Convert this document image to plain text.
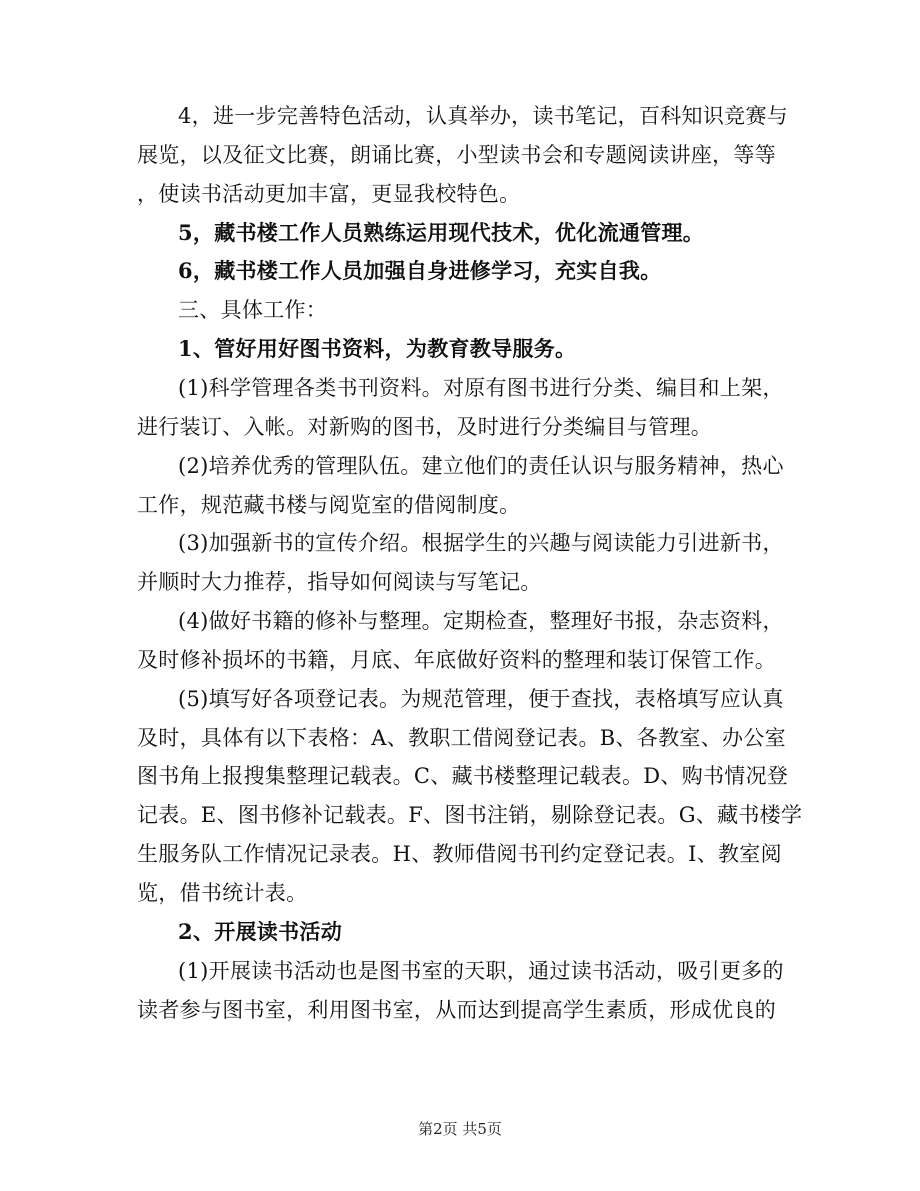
4，进一步完善特色活动，认真举办，读书笔记，百科知识竞赛与
展览，以及征文比赛，朗诵比赛，小型读书会和专题阅读讲座，等等
，使读书活动更加丰富，更显我校特色。
5，藏书楼工作人员熟练运用现代技术，优化流通管理。
6，藏书楼工作人员加强自身进修学习，充实自我。
三、具体工作：
1、管好用好图书资料，为教育教导服务。
(1)科学管理各类书刊资料。对原有图书进行分类、编目和上架，
进行装订、入帐。对新购的图书，及时进行分类编目与管理。
(2)培养优秀的管理队伍。建立他们的责任认识与服务精神，热心
工作，规范藏书楼与阅览室的借阅制度。
(3)加强新书的宣传介绍。根据学生的兴趣与阅读能力引进新书，
并顺时大力推荐，指导如何阅读与写笔记。
(4)做好书籍的修补与整理。定期检查，整理好书报，杂志资料，
及时修补损坏的书籍，月底、年底做好资料的整理和装订保管工作。
(5)填写好各项登记表。为规范管理，便于查找，表格填写应认真
及时，具体有以下表格：A、教职工借阅登记表。B、各教室、办公室
图书角上报搜集整理记载表。C、藏书楼整理记载表。D、购书情况登
记表。E、图书修补记载表。F、图书注销，剔除登记表。G、藏书楼学
生服务队工作情况记录表。H、教师借阅书刊约定登记表。I、教室阅
览，借书统计表。
2、开展读书活动
(1)开展读书活动也是图书室的天职，通过读书活动，吸引更多的
读者参与图书室，利用图书室，从而达到提高学生素质，形成优良的
第2页 共5页
